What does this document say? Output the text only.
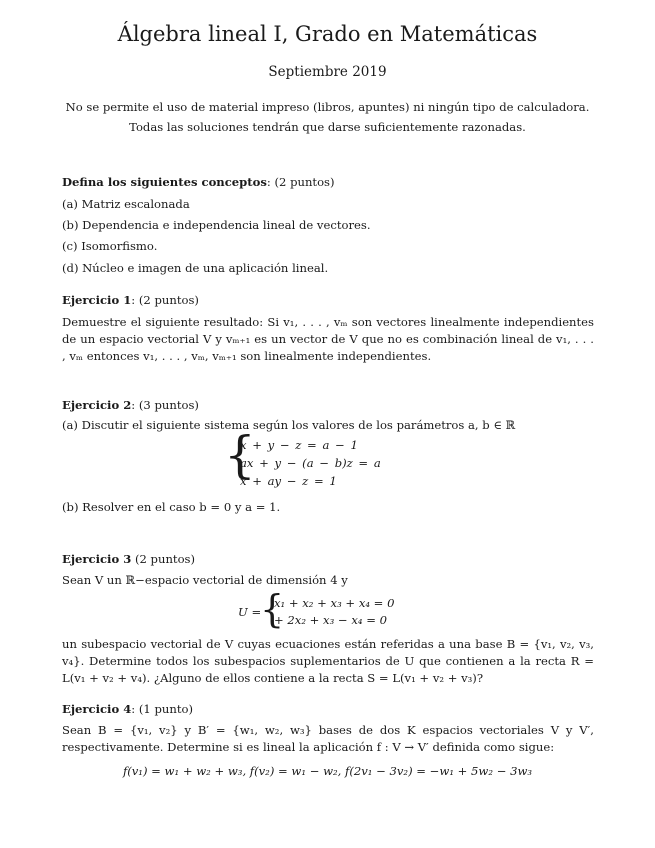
Álgebra lineal I, Grado en Matemáticas
Septiembre 2019
No se permite el uso de material impreso (libros, apuntes) ni ningún tipo de calculadora.
Todas las soluciones tendrán que darse suficientemente razonadas.
Defina los siguientes conceptos: (2 puntos)
(a) Matriz escalonada
(b) Dependencia e independencia lineal de vectores.
(c) Isomorfismo.
(d) Núcleo e imagen de una aplicación lineal.
Ejercicio 1: (2 puntos)
Demuestre el siguiente resultado: Si v₁, . . . , vₘ son vectores linealmente independientes de un espacio vectorial V y vₘ₊₁ es un vector de V que no es combinación lineal de v₁, . . . , vₘ entonces v₁, . . . , vₘ, vₘ₊₁ son linealmente independientes.
Ejercicio 2: (3 puntos)
(a) Discutir el siguiente sistema según los valores de los parámetros a, b ∈ ℝ
{
x + y − z = a − 1
ax + y − (a − b)z = a
x + ay − z = 1
(b) Resolver en el caso b = 0 y a = 1.
Ejercicio 3 (2 puntos)
Sean V un ℝ−espacio vectorial de dimensión 4 y
U =
{
x₁ + x₂ + x₃ + x₄ = 0
+ 2x₂ + x₃ − x₄ = 0
un subespacio vectorial de V cuyas ecuaciones están referidas a una base B = {v₁, v₂, v₃, v₄}. Determine todos los subespacios suplementarios de U que contienen a la recta R = L(v₁ + v₂ + v₄). ¿Alguno de ellos contiene a la recta S = L(v₁ + v₂ + v₃)?
Ejercicio 4: (1 punto)
Sean B = {v₁, v₂} y B′ = {w₁, w₂, w₃} bases de dos K espacios vectoriales V y V′, respectivamente. Determine si es lineal la aplicación f : V → V′ definida como sigue:
f(v₁) = w₁ + w₂ + w₃, f(v₂) = w₁ − w₂, f(2v₁ − 3v₂) = −w₁ + 5w₂ − 3w₃
